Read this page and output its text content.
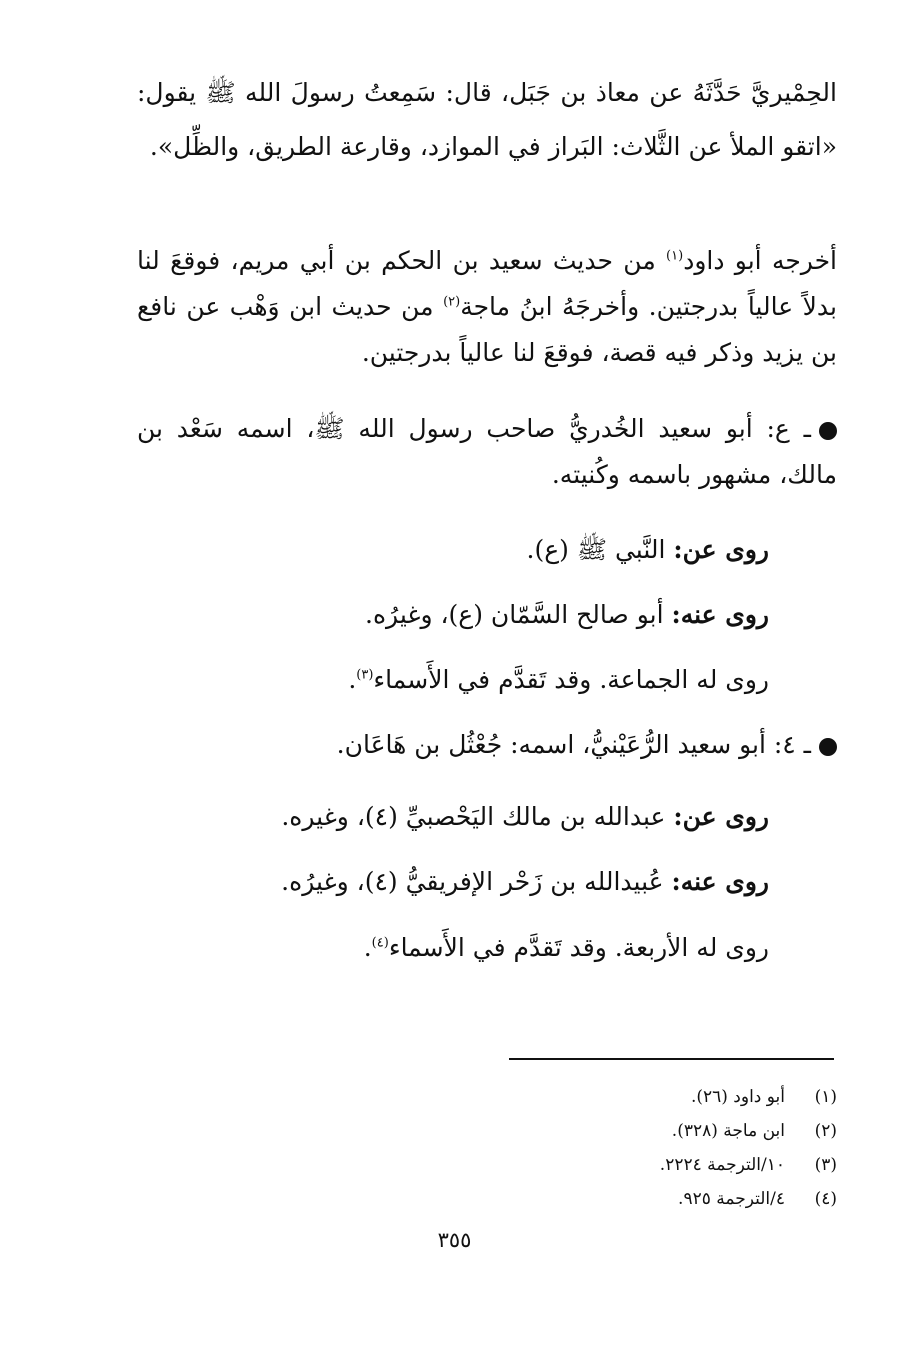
الحِمْيريَّ حَدَّثَهُ عن معاذ بن جَبَل، قال: سَمِعتُ رسولَ الله ﷺ يقول: «اتقو الملأ عن الثَّلاث: البَراز في الموازد، وقارعة الطريق، والظِّل».
أخرجه أبو داود$^{(١)}$ من حديث سعيد بن الحكم بن أبي مريم، فوقعَ لنا بدلاً عالياً بدرجتين. وأخرجَهُ ابنُ ماجة$^{(٢)}$ من حديث ابن وَهْب عن نافع بن يزيد وذكر فيه قصة، فوقعَ لنا عالياً بدرجتين.
ـ ع: أبو سعيد الخُدريُّ صاحب رسول الله ﷺ، اسمه سَعْد بن مالك، مشهور باسمه وكُنيته.
روى عن: النَّبي ﷺ (ع).
روى عنه: أبو صالح السَّمّان (ع)، وغيرُه.
روى له الجماعة. وقد تَقدَّم في الأَسماء$^{(٣)}$.
ـ ٤: أبو سعيد الرُّعَيْنيُّ، اسمه: جُعْثُل بن هَاعَان.
روى عن: عبدالله بن مالك اليَحْصبيِّ (٤)، وغيره.
روى عنه: عُبيدالله بن زَحْر الإفريقيُّ (٤)، وغيرُه.
روى له الأربعة. وقد تَقدَّم في الأَسماء$^{(٤)}$.
(١)أبو داود (٢٦).
(٢)ابن ماجة (٣٢٨).
(٣)١٠/الترجمة ٢٢٢٤.
(٤)٤/الترجمة ٩٢٥.
٣٥٥
